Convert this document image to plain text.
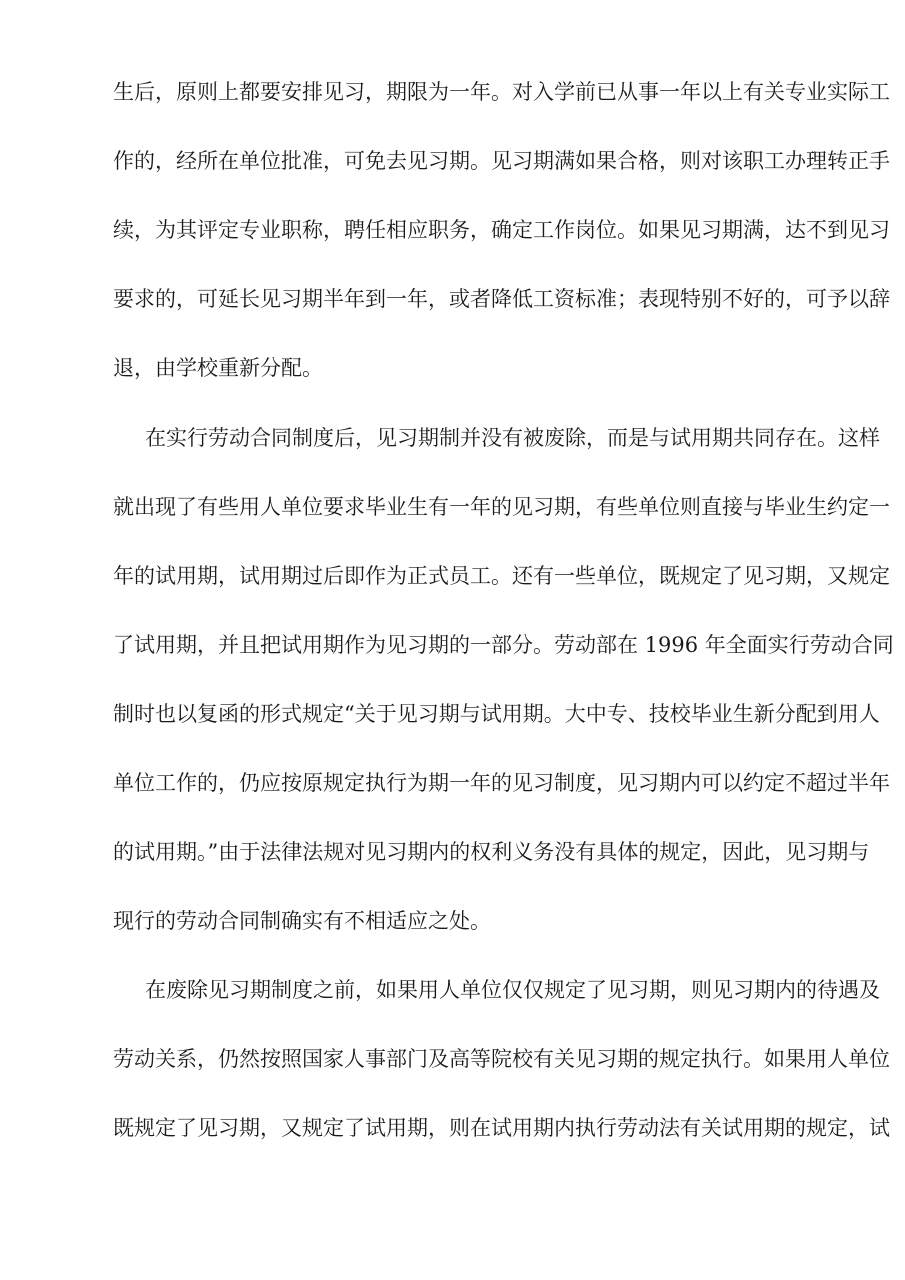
生后，原则上都要安排见习，期限为一年。对入学前已从事一年以上有关专业实际工
作的，经所在单位批准，可免去见习期。见习期满如果合格，则对该职工办理转正手
续，为其评定专业职称，聘任相应职务，确定工作岗位。如果见习期满，达不到见习
要求的，可延长见习期半年到一年，或者降低工资标准；表现特别不好的，可予以辞
退，由学校重新分配。
在实行劳动合同制度后，见习期制并没有被废除，而是与试用期共同存在。这样
就出现了有些用人单位要求毕业生有一年的见习期，有些单位则直接与毕业生约定一
年的试用期，试用期过后即作为正式员工。还有一些单位，既规定了见习期，又规定
了试用期，并且把试用期作为见习期的一部分。劳动部在 1996 年全面实行劳动合同
制时也以复函的形式规定“关于见习期与试用期。大中专、技校毕业生新分配到用人
单位工作的，仍应按原规定执行为期一年的见习制度，见习期内可以约定不超过半年
的试用期。”由于法律法规对见习期内的权利义务没有具体的规定，因此，见习期与
现行的劳动合同制确实有不相适应之处。
在废除见习期制度之前，如果用人单位仅仅规定了见习期，则见习期内的待遇及
劳动关系，仍然按照国家人事部门及高等院校有关见习期的规定执行。如果用人单位
既规定了见习期，又规定了试用期，则在试用期内执行劳动法有关试用期的规定，试
